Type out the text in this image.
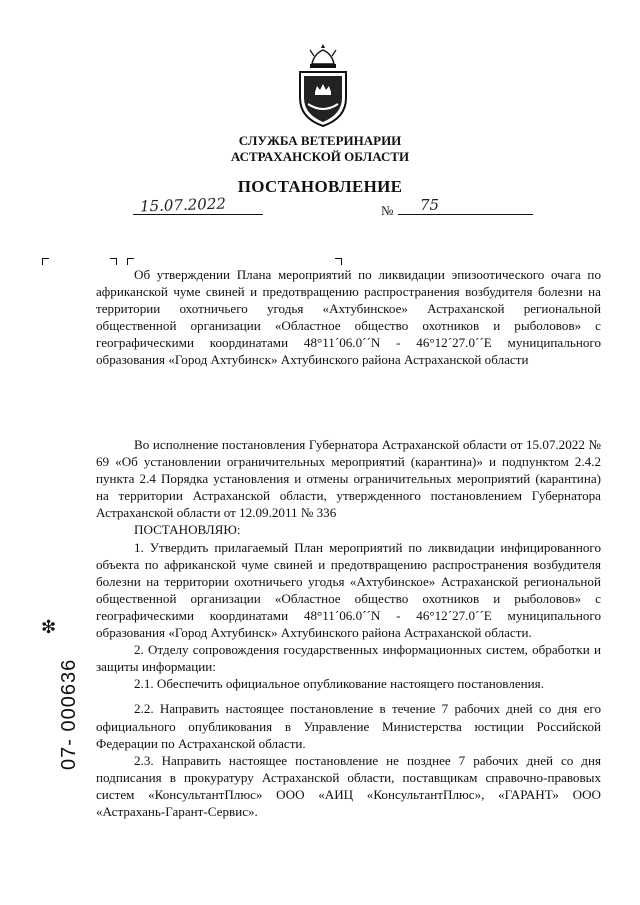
СЛУЖБА ВЕТЕРИНАРИИ
АСТРАХАНСКОЙ ОБЛАСТИ
ПОСТАНОВЛЕНИЕ
15.07.2022	№ 75

Об утверждении Плана мероприятий по ликвидации эпизоотического очага по африканской чуме свиней и предотвращению распространения возбудителя болезни на территории охотничьего угодья «Ахтубинское» Астраханской региональной общественной организации «Областное общество охотников и рыболовов» с географическими координатами 48°11´06.0´´N - 46°12´27.0´´E муниципального образования «Город Ахтубинск» Ахтубинского района Астраханской области

Во исполнение постановления Губернатора Астраханской области от 15.07.2022 № 69 «Об установлении ограничительных мероприятий (карантина)» и подпунктом 2.4.2 пункта 2.4 Порядка установления и отмены ограничительных мероприятий (карантина) на территории Астраханской области, утвержденного постановлением Губернатора Астраханской области от 12.09.2011 № 336

ПОСТАНОВЛЯЮ:

1. Утвердить прилагаемый План мероприятий по ликвидации инфицированного объекта по африканской чуме свиней и предотвращению распространения возбудителя болезни на территории охотничьего угодья «Ахтубинское» Астраханской региональной общественной организации «Областное общество охотников и рыболовов» с географическими координатами 48°11´06.0´´N - 46°12´27.0´´E муниципального образования «Город Ахтубинск» Ахтубинского района Астраханской области.

2. Отделу сопровождения государственных информационных систем, обработки и защиты информации:

2.1. Обеспечить официальное опубликование настоящего постановления.

2.2. Направить настоящее постановление в течение 7 рабочих дней со дня его официального опубликования в Управление Министерства юстиции Российской Федерации по Астраханской области.

2.3. Направить настоящее постановление не позднее 7 рабочих дней со дня подписания в прокуратуру Астраханской области, поставщикам справочно-правовых систем «КонсультантПлюс» ООО «АИЦ «КонсультантПлюс», «ГАРАНТ» ООО «Астрахань-Гарант-Сервис».

❇
07- 000636
